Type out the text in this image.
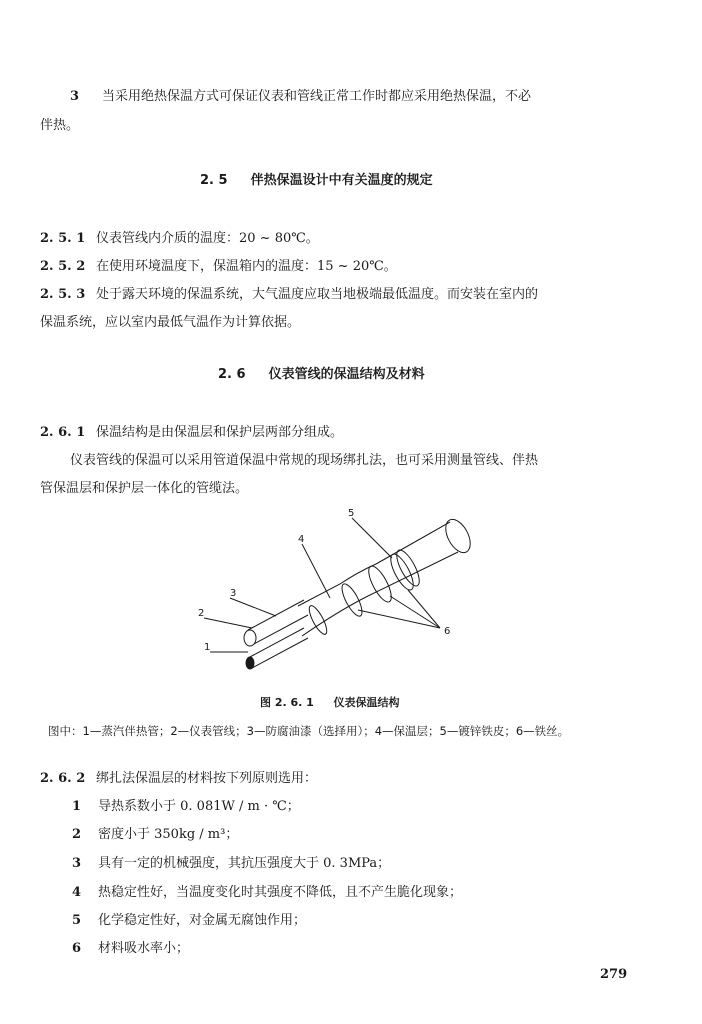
3 当采用绝热保温方式可保证仪表和管线正常工作时都应采用绝热保温，不必
伴热。
2. 5 伴热保温设计中有关温度的规定
2. 5. 1 仪表管线内介质的温度：20 ~ 80℃。
2. 5. 2 在使用环境温度下，保温箱内的温度：15 ~ 20℃。
2. 5. 3 处于露天环境的保温系统，大气温度应取当地极端最低温度。而安装在室内的
保温系统，应以室内最低气温作为计算依据。
2. 6 仪表管线的保温结构及材料
2. 6. 1 保温结构是由保温层和保护层两部分组成。
仪表管线的保温可以采用管道保温中常规的现场绑扎法，也可采用测量管线、伴热
管保温层和保护层一体化的管缆法。
1
2
3
4
5
6
图 2. 6. 1 仪表保温结构
图中：1—蒸汽伴热管；2—仪表管线；3—防腐油漆（选择用）；4—保温层；5—镀锌铁皮；6—铁丝。
2. 6. 2 绑扎法保温层的材料按下列原则选用：
1 导热系数小于 0. 081W / m · ℃；
2 密度小于 350kg / m³；
3 具有一定的机械强度，其抗压强度大于 0. 3MPa；
4 热稳定性好，当温度变化时其强度不降低，且不产生脆化现象；
5 化学稳定性好，对金属无腐蚀作用；
6 材料吸水率小；
279
